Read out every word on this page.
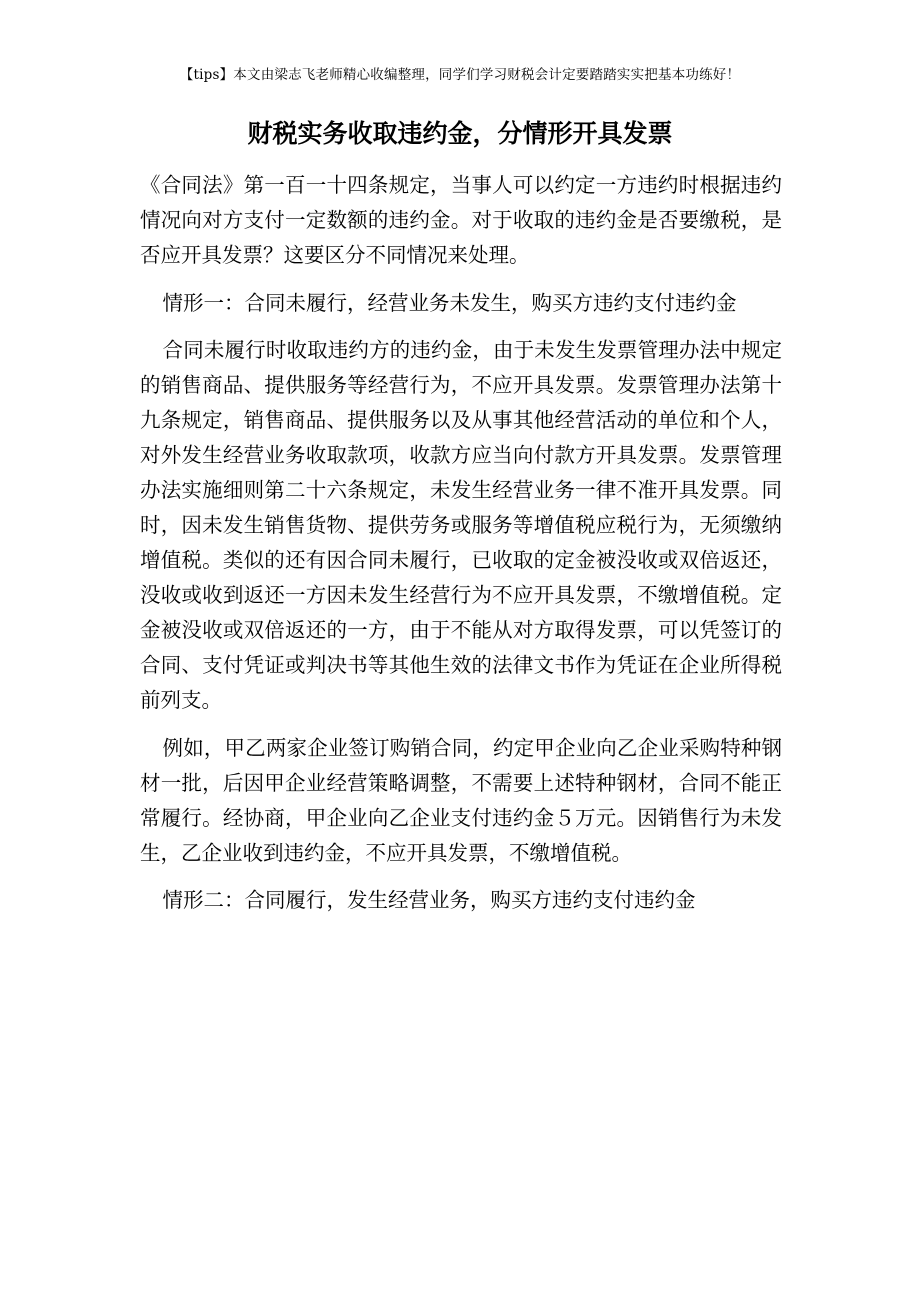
【tips】本文由梁志飞老师精心收编整理，同学们学习财税会计定要踏踏实实把基本功练好！
财税实务收取违约金，分情形开具发票

《合同法》第一百一十四条规定，当事人可以约定一方违约时根据违约情况向对方支付一定数额的违约金。对于收取的违约金是否要缴税，是否应开具发票？这要区分不同情况来处理。

情形一：合同未履行，经营业务未发生，购买方违约支付违约金

合同未履行时收取违约方的违约金，由于未发生发票管理办法中规定的销售商品、提供服务等经营行为，不应开具发票。发票管理办法第十九条规定，销售商品、提供服务以及从事其他经营活动的单位和个人，对外发生经营业务收取款项，收款方应当向付款方开具发票。发票管理办法实施细则第二十六条规定，未发生经营业务一律不准开具发票。同时，因未发生销售货物、提供劳务或服务等增值税应税行为，无须缴纳增值税。类似的还有因合同未履行，已收取的定金被没收或双倍返还，没收或收到返还一方因未发生经营行为不应开具发票，不缴增值税。定金被没收或双倍返还的一方，由于不能从对方取得发票，可以凭签订的合同、支付凭证或判决书等其他生效的法律文书作为凭证在企业所得税前列支。

例如，甲乙两家企业签订购销合同，约定甲企业向乙企业采购特种钢材一批，后因甲企业经营策略调整，不需要上述特种钢材，合同不能正常履行。经协商，甲企业向乙企业支付违约金５万元。因销售行为未发生，乙企业收到违约金，不应开具发票，不缴增值税。

情形二：合同履行，发生经营业务，购买方违约支付违约金
